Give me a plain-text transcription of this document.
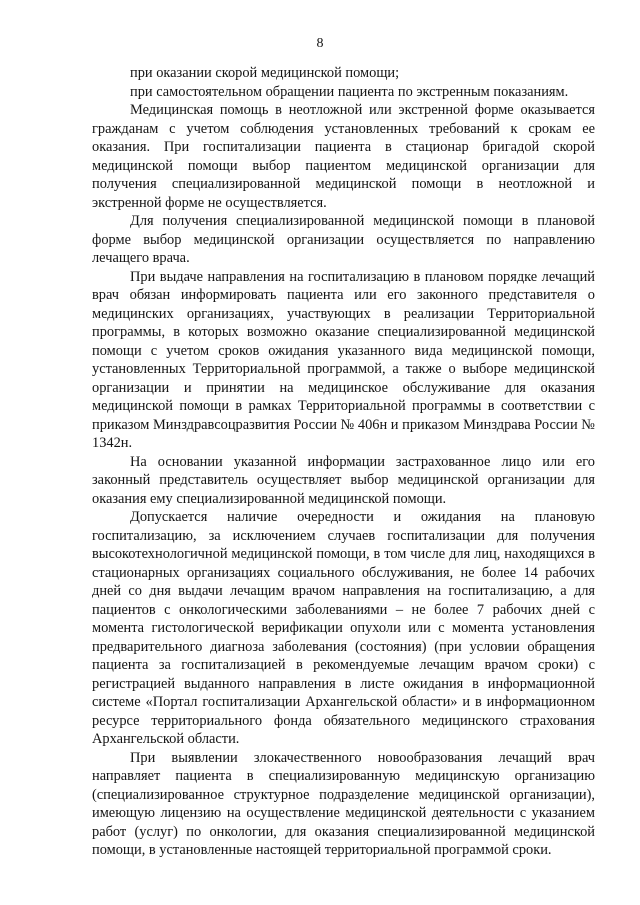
8

при оказании скорой медицинской помощи;

при самостоятельном обращении пациента по экстренным показаниям.

Медицинская помощь в неотложной или экстренной форме оказывается гражданам с учетом соблюдения установленных требований к срокам ее оказания. При госпитализации пациента в стационар бригадой скорой медицинской помощи выбор пациентом медицинской организации для получения специализированной медицинской помощи в неотложной и экстренной форме не осуществляется.

Для получения специализированной медицинской помощи в плановой форме выбор медицинской организации осуществляется по направлению лечащего врача.

При выдаче направления на госпитализацию в плановом порядке лечащий врач обязан информировать пациента или его законного представителя о медицинских организациях, участвующих в реализации Территориальной программы, в которых возможно оказание специализированной медицинской помощи с учетом сроков ожидания указанного вида медицинской помощи, установленных Территориальной программой, а также о выборе медицинской организации и принятии на медицинское обслуживание для оказания медицинской помощи в рамках Территориальной программы в соответствии с приказом Минздравсоцразвития России № 406н и приказом Минздрава России № 1342н.

На основании указанной информации застрахованное лицо или его законный представитель осуществляет выбор медицинской организации для оказания ему специализированной медицинской помощи.

Допускается наличие очередности и ожидания на плановую госпитализацию, за исключением случаев госпитализации для получения высокотехнологичной медицинской помощи, в том числе для лиц, находящихся в стационарных организациях социального обслуживания, не более 14 рабочих дней со дня выдачи лечащим врачом направления на госпитализацию, а для пациентов с онкологическими заболеваниями – не более 7 рабочих дней с момента гистологической верификации опухоли или с момента установления предварительного диагноза заболевания (состояния) (при условии обращения пациента за госпитализацией в рекомендуемые лечащим врачом сроки) с регистрацией выданного направления в листе ожидания в информационной системе «Портал госпитализации Архангельской области» и в информационном ресурсе территориального фонда обязательного медицинского страхования Архангельской области.

При выявлении злокачественного новообразования лечащий врач направляет пациента в специализированную медицинскую организацию (специализированное структурное подразделение медицинской организации), имеющую лицензию на осуществление медицинской деятельности с указанием работ (услуг) по онкологии, для оказания специализированной медицинской помощи, в установленные настоящей территориальной программой сроки.
